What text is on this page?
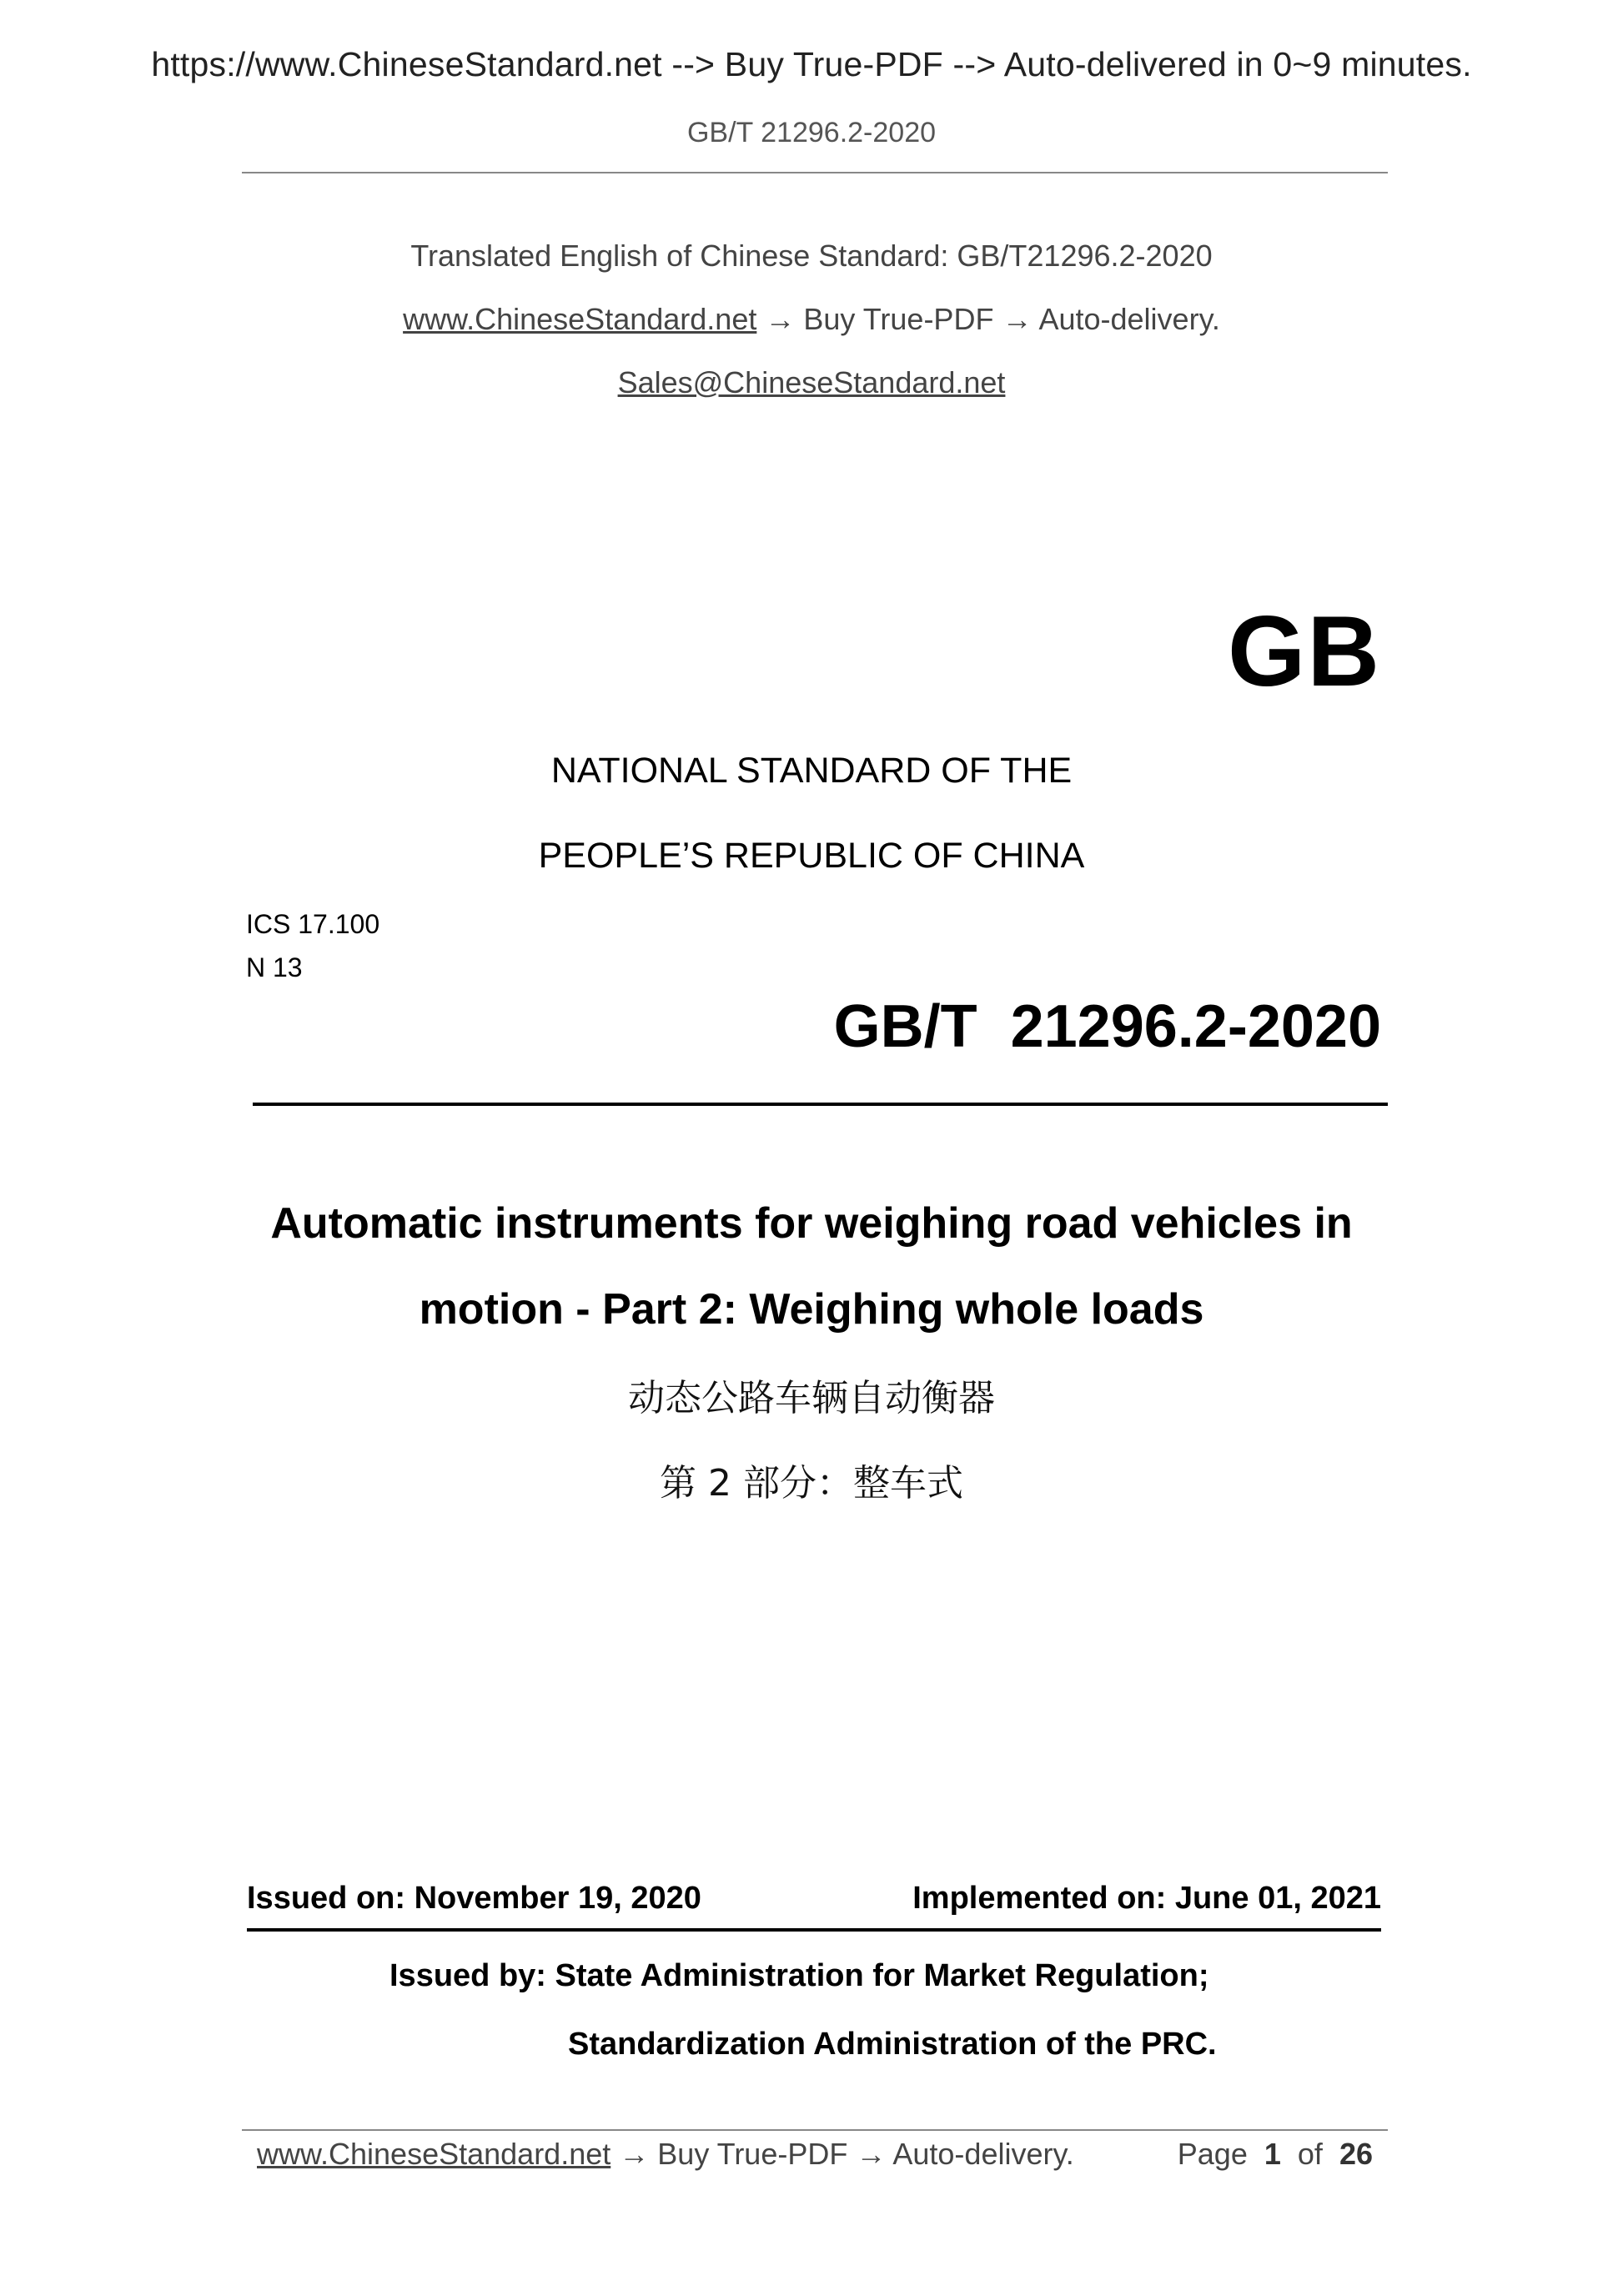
https://www.ChineseStandard.net --> Buy True-PDF --> Auto-delivered in 0~9 minutes.
GB/T 21296.2-2020
Translated English of Chinese Standard: GB/T21296.2-2020
www.ChineseStandard.net → Buy True-PDF → Auto-delivery.
Sales@ChineseStandard.net
GB
NATIONAL STANDARD OF THE
PEOPLE’S REPUBLIC OF CHINA
ICS 17.100
N 13
GB/T 21296.2-2020
Automatic instruments for weighing road vehicles in
motion - Part 2: Weighing whole loads
动态公路车辆自动衡器
第 2 部分：整车式
Issued on: November 19, 2020	Implemented on: June 01, 2021
Issued by: State Administration for Market Regulation;
Standardization Administration of the PRC.
www.ChineseStandard.net → Buy True-PDF → Auto-delivery.	Page 1 of 26
